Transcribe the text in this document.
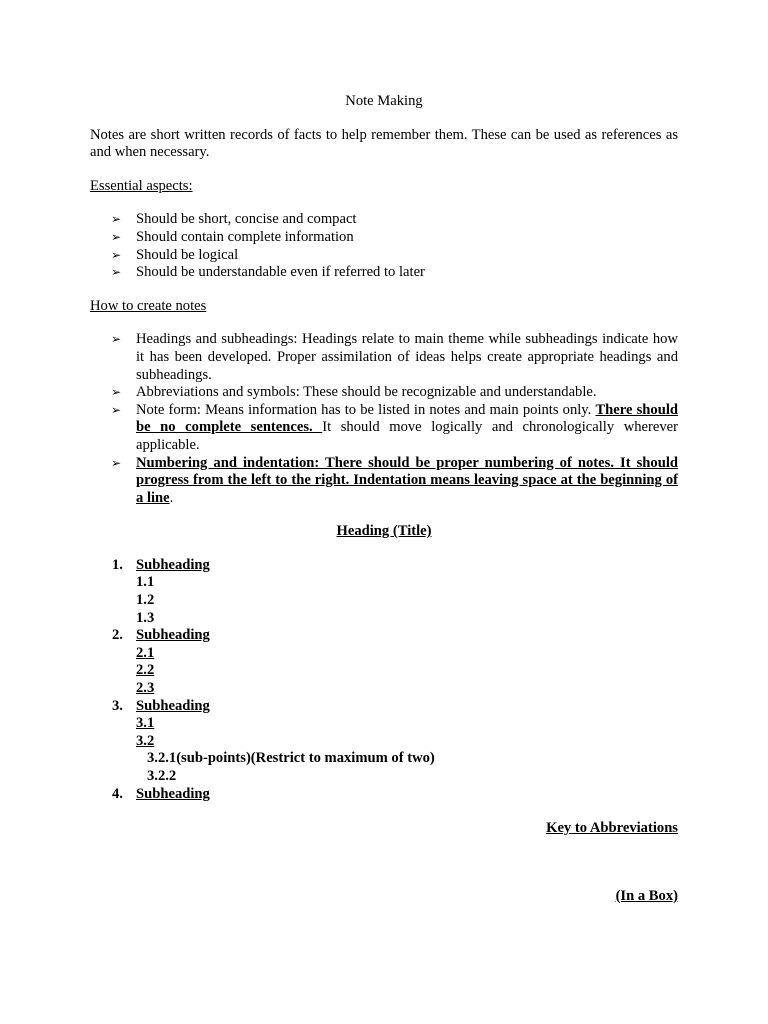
Note Making

Notes are short written records of facts to help remember them. These can be used as references as and when necessary.

Essential aspects:

➢ Should be short, concise and compact
➢ Should contain complete information
➢ Should be logical
➢ Should be understandable even if referred to later

How to create notes

➢ Headings and subheadings: Headings relate to main theme while subheadings indicate how it has been developed. Proper assimilation of ideas helps create appropriate headings and subheadings.
➢ Abbreviations and symbols: These should be recognizable and understandable.
➢ Note form: Means information has to be listed in notes and main points only. There should be no complete sentences. It should move logically and chronologically wherever applicable.
➢ Numbering and indentation: There should be proper numbering of notes. It should progress from the left to the right. Indentation means leaving space at the beginning of a line.

Heading (Title)

1. Subheading
1.1
1.2
1.3
2. Subheading
2.1
2.2
2.3
3. Subheading
3.1
3.2
3.2.1(sub-points)(Restrict to maximum of two)
3.2.2
4. Subheading

Key to Abbreviations

(In a Box)
